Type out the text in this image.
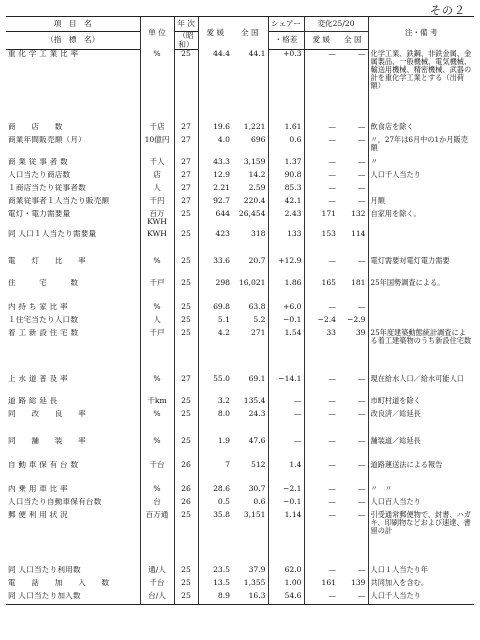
その２
項　目　名	単 位	年 次	愛 媛	全 国	シェアー	変化25/20		注・備 考
（指　標　名）		（昭和）			・格差	愛 媛	全 国	
重 化 学 工 業 比 率	%	25	44.4	44.1	+0.3	—	—	化学工業、鉄鋼、非鉄金属、金属製品、一般機械、電気機械、輸送用機械、精密機械、武器の計を重化学工業とする（出荷額）
商　　店　　数	千店	27	19.6	1,221	1.61	—	—	飲食店を除く
商業年間販売額（月）	10億円	27	4.0	696	0.6	—	—	〃，27年は6月中の1か月販売額
商 業 従 事 者 数	千人	27	43.3	3,159	1.37	—	—	〃
人口当たり商店数	店	27	12.9	14.2	90.8	—	—	人口千人当たり
１商店当たり従事者数	人	27	2.21	2.59	85.3	—	—	
商業従事者１人当たり販売額	千円	27	92.7	220.4	42.1	—	—	月額
電灯・電力需要量	百万KWH	25	644	26,454	2.43	171	132	自家用を除く。
同 人口１人当たり需要量	KWH	25	423	318	133	153	114	
電　　灯　　比　　率	%	25	33.6	20.7	+12.9	—	—	電灯需要対電灯電力需要
住　　　宅　　　数	千戸	25	298	16,021	1.86	165	181	25年国勢調査による。
内 持 ち 家 比 率	%	25	69.8	63.8	+6.0	—	—	
１住宅当たり人口数	人	25	5.1	5.2	−0.1	−2.4	−2.9	
着 工 新 設 住 宅 数	千戸	25	4.2	271	1.54	33	39	25年度建築動態統計調査による着工建築物のうち新設住宅数
上 水 道 普 及 率	%	27	55.0	69.1	−14.1	—	—	現在給水人口／給水可能人口
道 路 総 延 長	千km	25	3.2	135.4	—	—	—	市町村道を除く
同　　改　　良　　率	%	25	8.0	24.3	—	—	—	改良済／総延長
同　　舗　　装　　率	%	25	1.9	47.6	—	—	—	舗装道／総延長
自 動 車 保 有 台 数	千台	26	7	512	1.4	—	—	道路運送法による報告
内 乗 用 車 比 率	%	26	28.6	30.7	−2.1	—	—	〃　〃
人口当たり自動車保有台数	台	26	0.5	0.6	−0.1	—	—	人口百人当たり
郵 便 利 用 状 況	百万通	25	35.8	3,151	1.14	—	—	引受通常郵便物で、封書、ハガキ、印刷物などおよび速達、書留の計
同 人口当たり利用数	通/人	25	23.5	37.9	62.0	—	—	人口１人当たり年
電　　話　　加　　入　　数	千台	25	13.5	1,355	1.00	161	139	共同加入を含む。
同 人口当たり加入数	台/人	25	8.9	16.3	54.6	—	—	人口千人当たり
